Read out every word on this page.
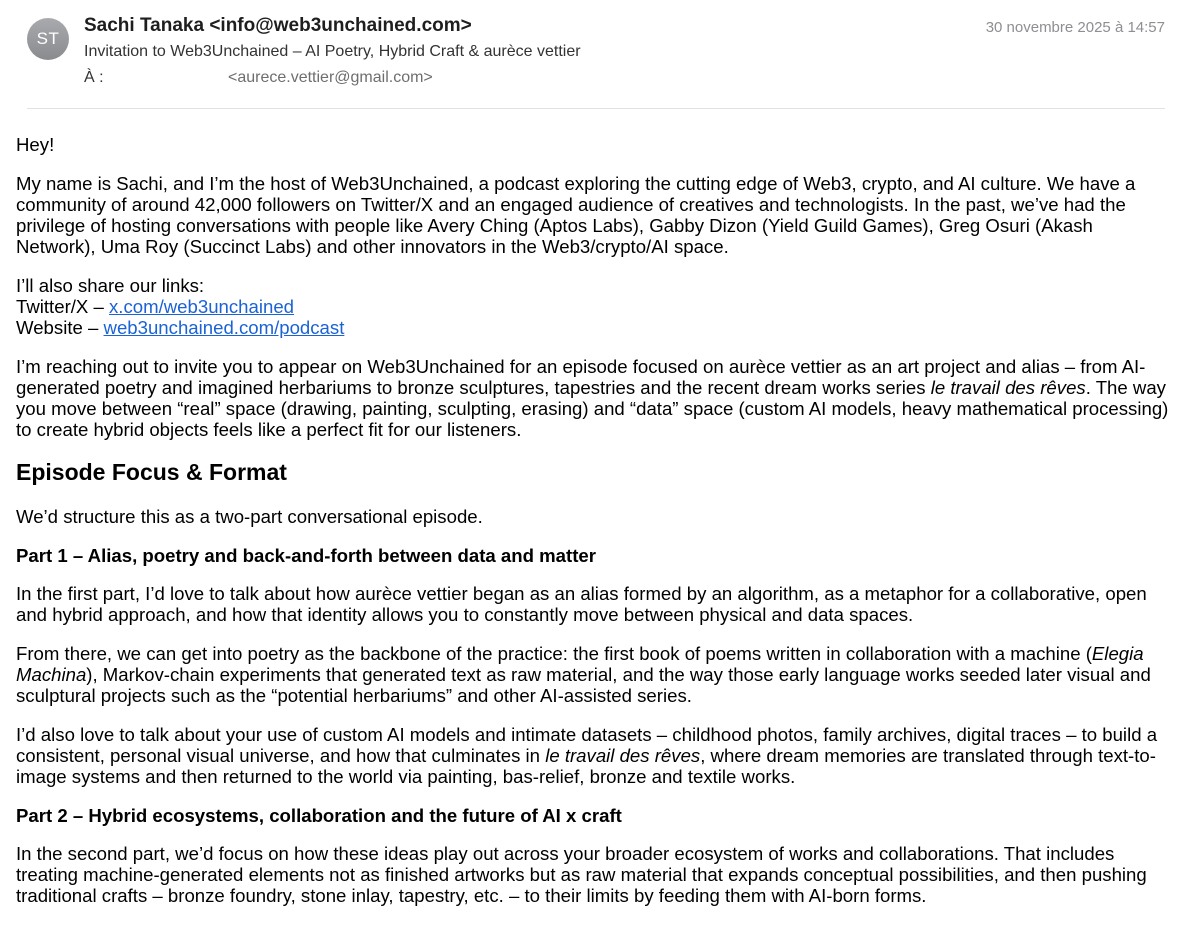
ST
Sachi Tanaka <info@web3unchained.com>
Invitation to Web3Unchained – AI Poetry, Hybrid Craft & aurèce vettier
À :	<aurece.vettier@gmail.com>
30 novembre 2025 à 14:57

Hey!

My name is Sachi, and I’m the host of Web3Unchained, a podcast exploring the cutting edge of Web3, crypto, and AI culture. We have a community of around 42,000 followers on Twitter/X and an engaged audience of creatives and technologists. In the past, we’ve had the privilege of hosting conversations with people like Avery Ching (Aptos Labs), Gabby Dizon (Yield Guild Games), Greg Osuri (Akash Network), Uma Roy (Succinct Labs) and other innovators in the Web3/crypto/AI space.

I’ll also share our links:

Twitter/X – x.com/web3unchained

Website – web3unchained.com/podcast

I’m reaching out to invite you to appear on Web3Unchained for an episode focused on aurèce vettier as an art project and alias – from AI-generated poetry and imagined herbariums to bronze sculptures, tapestries and the recent dream works series le travail des rêves. The way you move between “real” space (drawing, painting, sculpting, erasing) and “data” space (custom AI models, heavy mathematical processing) to create hybrid objects feels like a perfect fit for our listeners.

Episode Focus & Format

We’d structure this as a two-part conversational episode.

Part 1 – Alias, poetry and back-and-forth between data and matter

In the first part, I’d love to talk about how aurèce vettier began as an alias formed by an algorithm, as a metaphor for a collaborative, open and hybrid approach, and how that identity allows you to constantly move between physical and data spaces.

From there, we can get into poetry as the backbone of the practice: the first book of poems written in collaboration with a machine (Elegia Machina), Markov-chain experiments that generated text as raw material, and the way those early language works seeded later visual and sculptural projects such as the “potential herbariums” and other AI-assisted series.

I’d also love to talk about your use of custom AI models and intimate datasets – childhood photos, family archives, digital traces – to build a consistent, personal visual universe, and how that culminates in le travail des rêves, where dream memories are translated through text-to-image systems and then returned to the world via painting, bas-relief, bronze and textile works.

Part 2 – Hybrid ecosystems, collaboration and the future of AI x craft

In the second part, we’d focus on how these ideas play out across your broader ecosystem of works and collaborations. That includes treating machine-generated elements not as finished artworks but as raw material that expands conceptual possibilities, and then pushing traditional crafts – bronze foundry, stone inlay, tapestry, etc. – to their limits by feeding them with AI-born forms.
